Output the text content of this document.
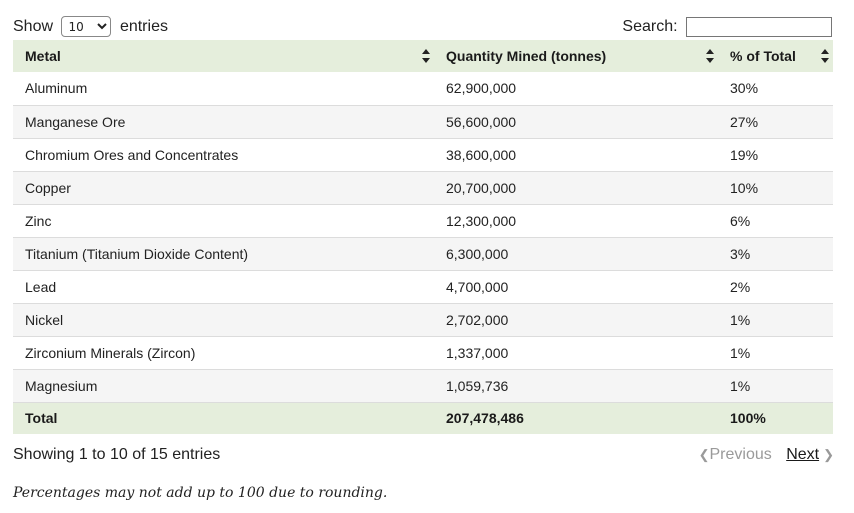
Show
10	entries	Search:
Metal	Quantity Mined (tonnes)	% of Total

Aluminum	62,900,000	30%
Manganese Ore	56,600,000	27%
Chromium Ores and Concentrates	38,600,000	19%
Copper	20,700,000	10%
Zinc	12,300,000	6%
Titanium (Titanium Dioxide Content)	6,300,000	3%
Lead	4,700,000	2%
Nickel	2,702,000	1%
Zirconium Minerals (Zircon)	1,337,000	1%
Magnesium	1,059,736	1%
Total	207,478,486	100%
Showing 1 to 10 of 15 entries	❮Previous Next ❯
Percentages may not add up to 100 due to rounding.
